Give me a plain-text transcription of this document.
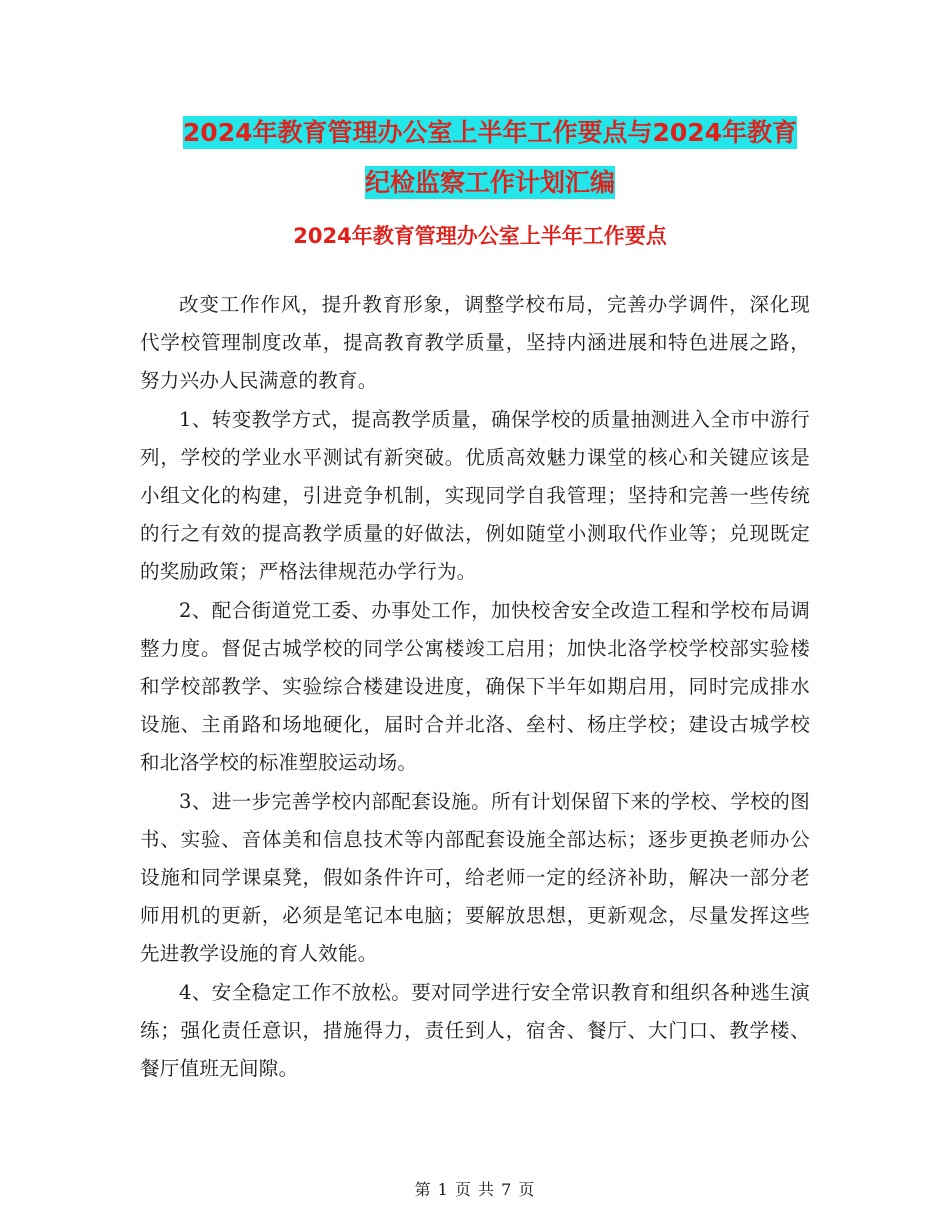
2024年教育管理办公室上半年工作要点与2024年教育
纪检监察工作计划汇编
2024年教育管理办公室上半年工作要点

改变工作作风，提升教育形象，调整学校布局，完善办学调件，深化现代学校管理制度改革，提高教育教学质量，坚持内涵进展和特色进展之路，努力兴办人民满意的教育。

1、转变教学方式，提高教学质量，确保学校的质量抽测进入全市中游行列，学校的学业水平测试有新突破。优质高效魅力课堂的核心和关键应该是小组文化的构建，引进竞争机制，实现同学自我管理；坚持和完善一些传统的行之有效的提高教学质量的好做法，例如随堂小测取代作业等；兑现既定的奖励政策；严格法律规范办学行为。

2、配合街道党工委、办事处工作，加快校舍安全改造工程和学校布局调整力度。督促古城学校的同学公寓楼竣工启用；加快北洛学校学校部实验楼和学校部教学、实验综合楼建设进度，确保下半年如期启用，同时完成排水设施、主甬路和场地硬化，届时合并北洛、垒村、杨庄学校；建设古城学校和北洛学校的标准塑胶运动场。

3、进一步完善学校内部配套设施。所有计划保留下来的学校、学校的图书、实验、音体美和信息技术等内部配套设施全部达标；逐步更换老师办公设施和同学课桌凳，假如条件许可，给老师一定的经济补助，解决一部分老师用机的更新，必须是笔记本电脑；要解放思想，更新观念，尽量发挥这些先进教学设施的育人效能。

4、安全稳定工作不放松。要对同学进行安全常识教育和组织各种逃生演练；强化责任意识，措施得力，责任到人，宿舍、餐厅、大门口、教学楼、餐厅值班无间隙。

第 1 页 共 7 页
